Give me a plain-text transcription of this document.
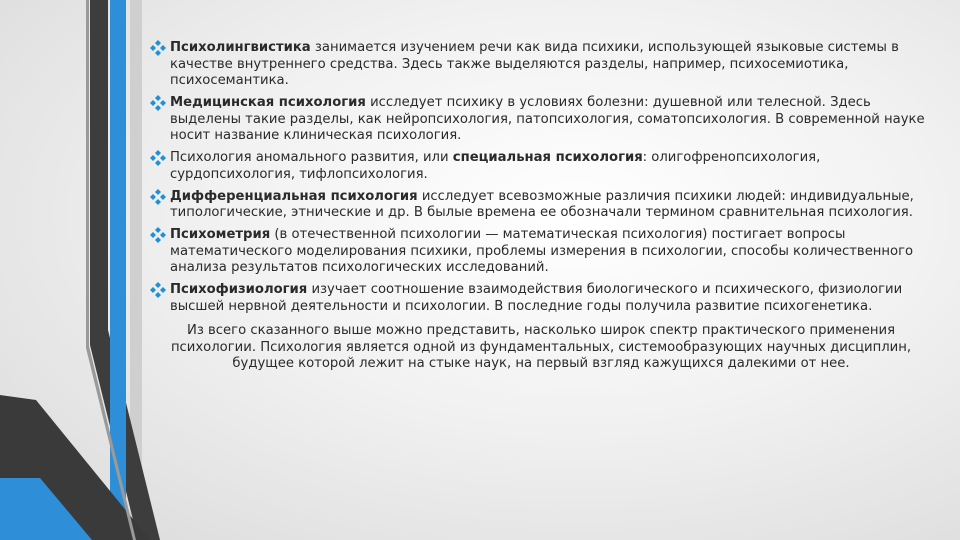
Психолингвистика занимается изучением речи как вида психики, использующей языковые системы в качестве внутреннего средства. Здесь также выделяются разделы, например, психосемиотика, психосемантика.
Медицинская психология исследует психику в условиях болезни: душевной или телесной. Здесь выделены такие разделы, как нейропсихология, патопсихология, соматопсихология. В современной науке носит название клиническая психология.
Психология аномального развития, или специальная психология: олигофренопсихология, сурдопсихология, тифлопсихология.
Дифференциальная психология исследует всевозможные различия психики людей: индивидуальные, типологические, этнические и др. В былые времена ее обозначали термином сравнительная психология.
Психометрия (в отечественной психологии — математическая психология) постигает вопросы математического моделирования психики, проблемы измерения в психологии, способы количественного анализа результатов психологических исследований.
Психофизиология изучает соотношение взаимодействия биологического и психического, физиологии высшей нервной деятельности и психологии. В последние годы получила развитие психогенетика.

Из всего сказанного выше можно представить, насколько широк спектр практического применения психологии. Психология является одной из фундаментальных, системообразующих научных дисциплин, будущее которой лежит на стыке наук, на первый взгляд кажущихся далекими от нее.
